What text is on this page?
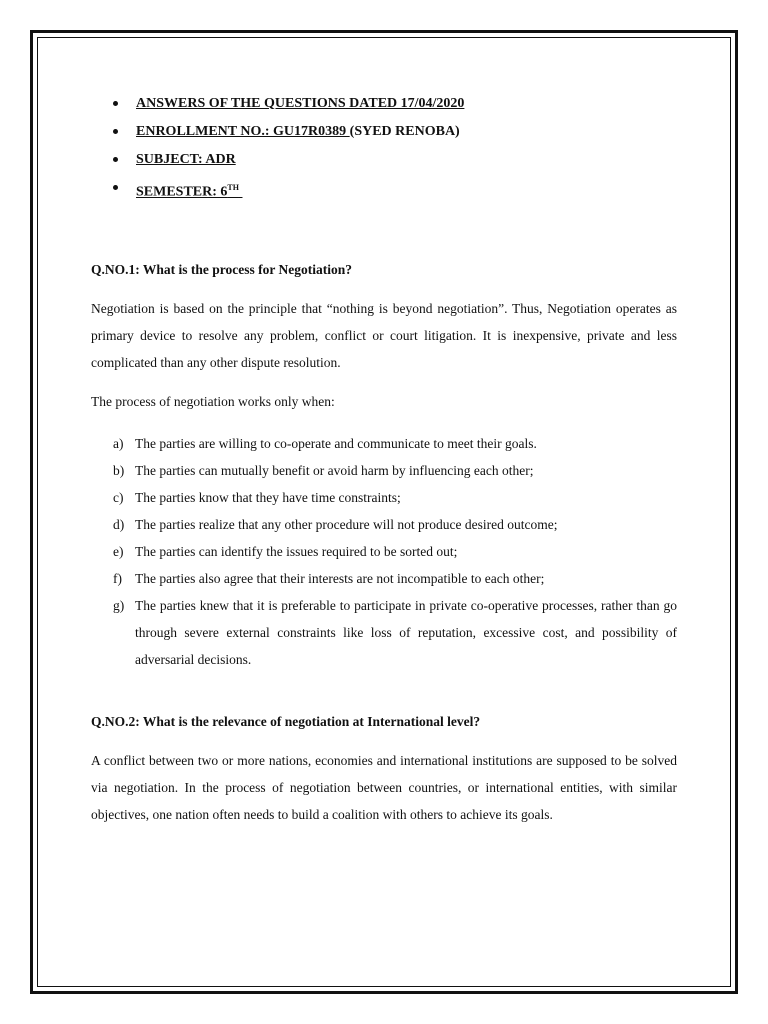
ANSWERS OF THE QUESTIONS DATED 17/04/2020
ENROLLMENT NO.: GU17R0389 (SYED RENOBA)
SUBJECT: ADR
SEMESTER: 6TH
Q.NO.1: What is the process for Negotiation?

Negotiation is based on the principle that “nothing is beyond negotiation”. Thus, Negotiation operates as primary device to resolve any problem, conflict or court litigation. It is inexpensive, private and less complicated than any other dispute resolution.

The process of negotiation works only when:

a) The parties are willing to co-operate and communicate to meet their goals.
b) The parties can mutually benefit or avoid harm by influencing each other;
c) The parties know that they have time constraints;
d) The parties realize that any other procedure will not produce desired outcome;
e) The parties can identify the issues required to be sorted out;
f) The parties also agree that their interests are not incompatible to each other;
g) The parties knew that it is preferable to participate in private co-operative processes, rather than go through severe external constraints like loss of reputation, excessive cost, and possibility of adversarial decisions.
Q.NO.2: What is the relevance of negotiation at International level?

A conflict between two or more nations, economies and international institutions are supposed to be solved via negotiation. In the process of negotiation between countries, or international entities, with similar objectives, one nation often needs to build a coalition with others to achieve its goals.
